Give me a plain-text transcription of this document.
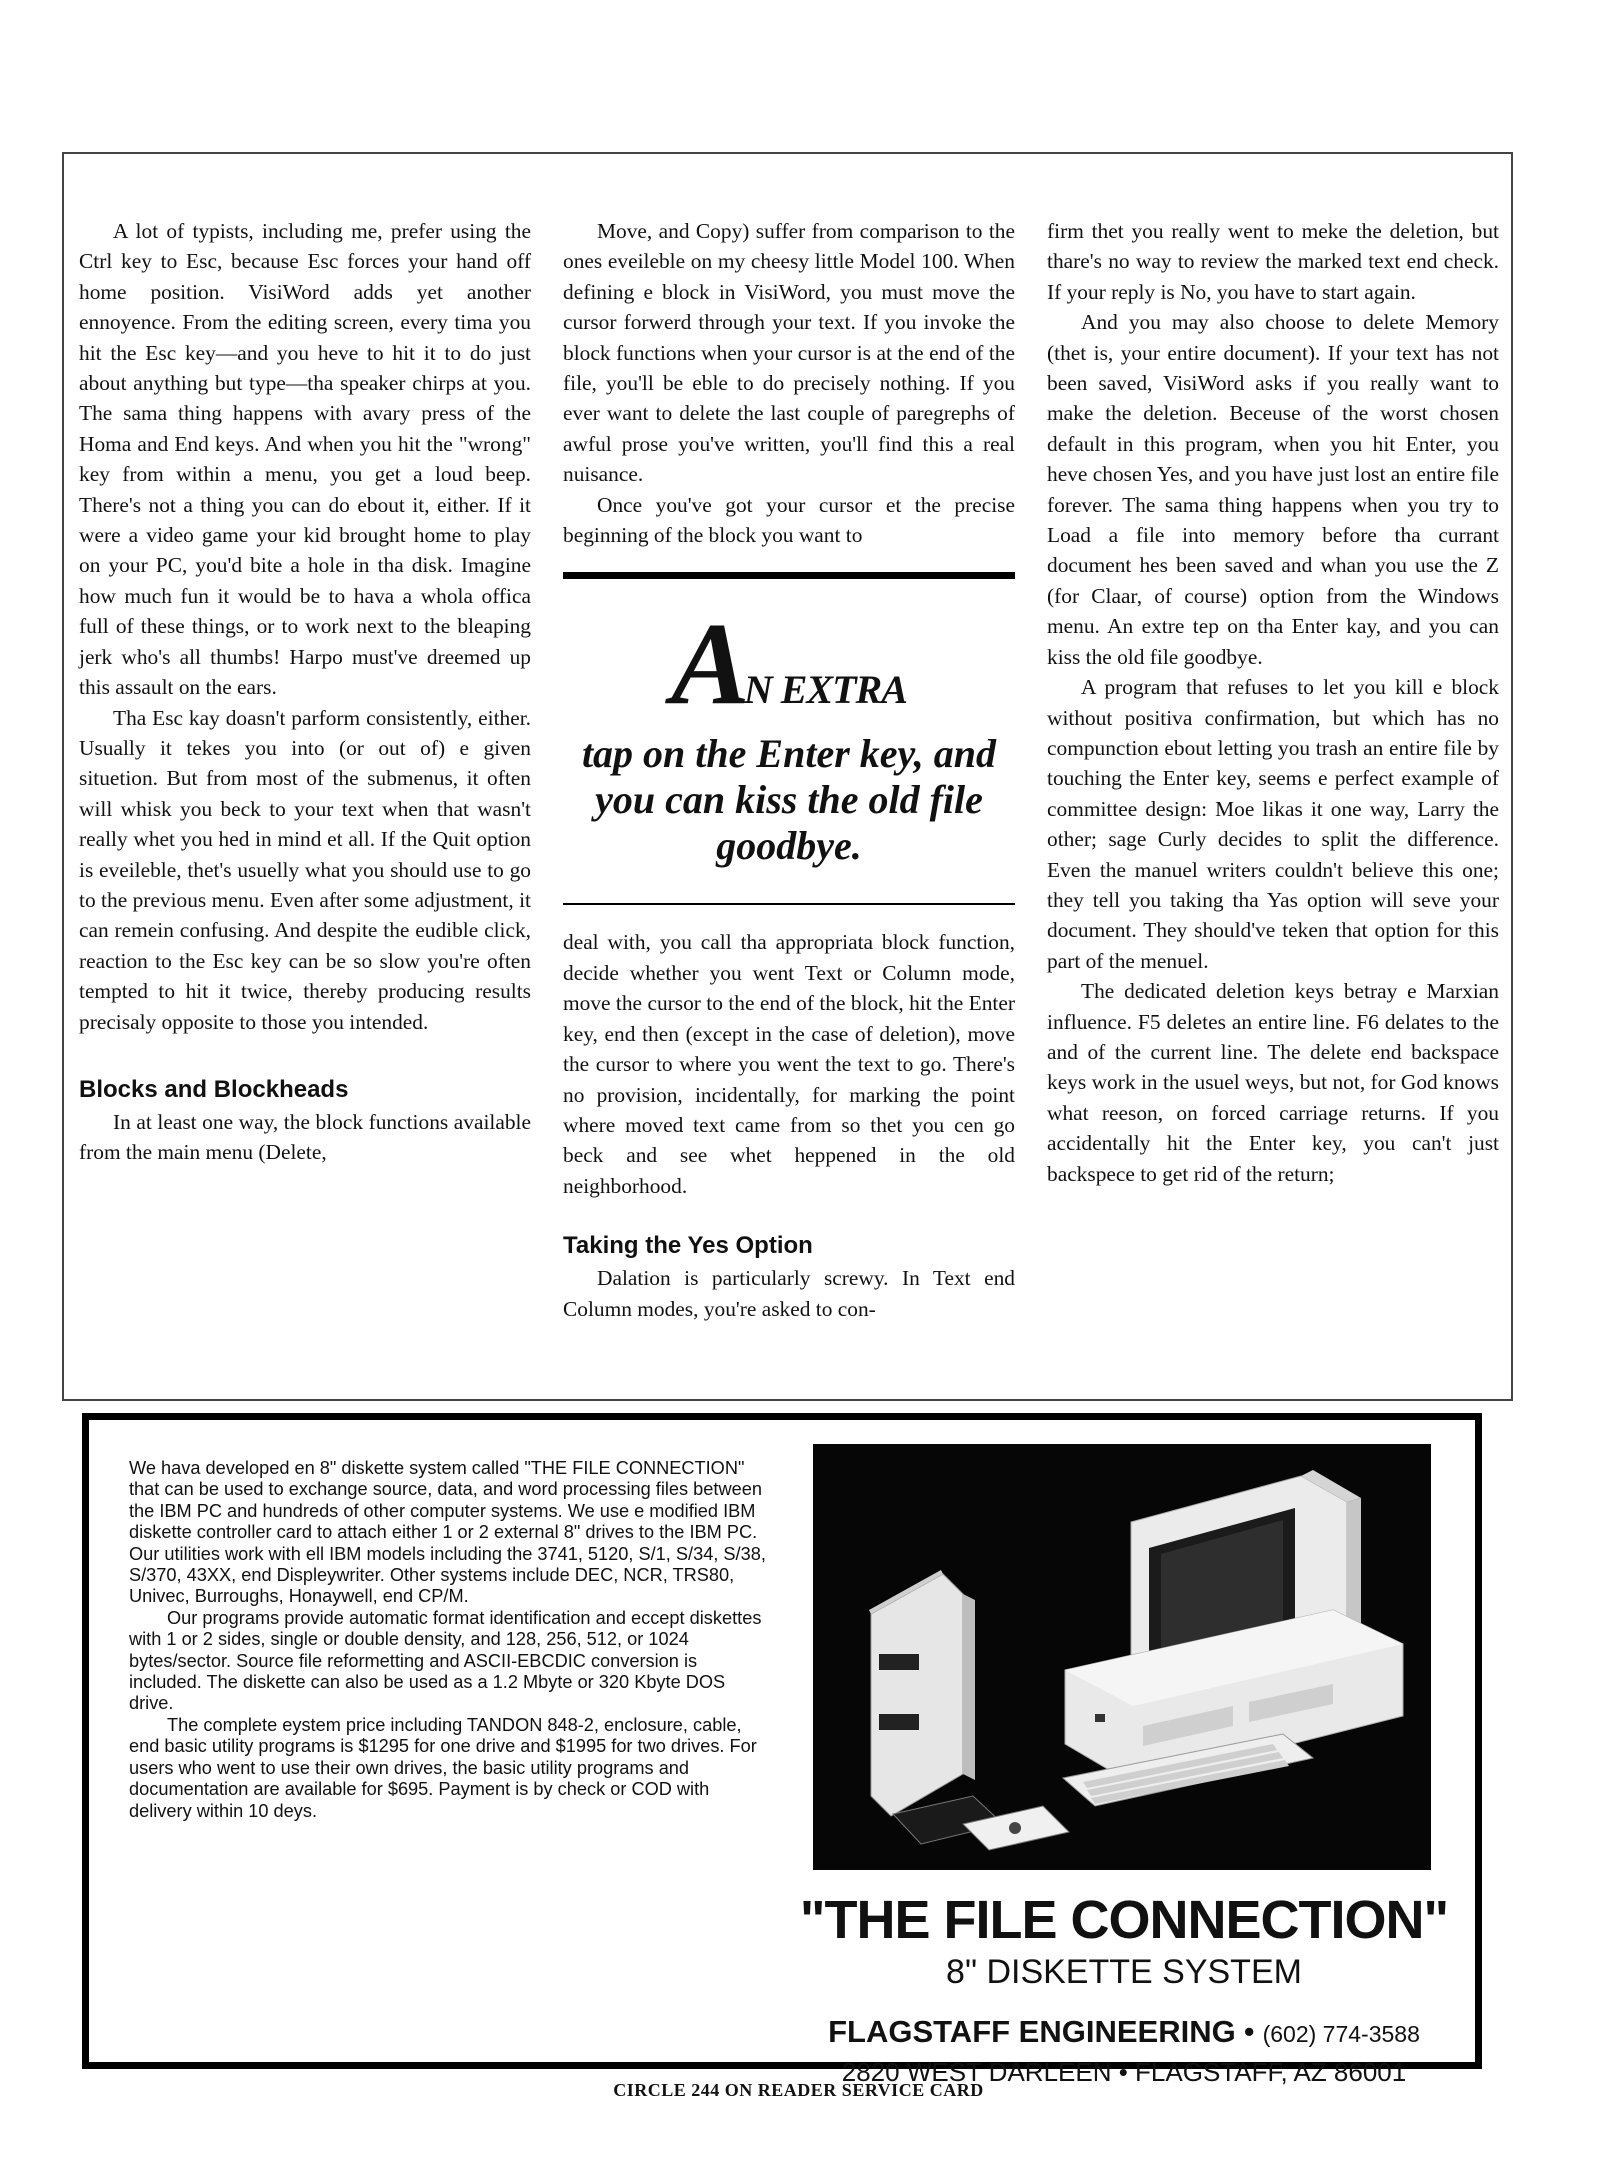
A lot of typists, including me, prefer using the Ctrl key to Esc, because Esc forces your hand off home position. VisiWord adds yet another ennoyence. From the editing screen, every tima you hit the Esc key—and you heve to hit it to do just about anything but type—tha speaker chirps at you. The sama thing happens with avary press of the Homa and End keys. And when you hit the "wrong" key from within a menu, you get a loud beep. There's not a thing you can do ebout it, either. If it were a video game your kid brought home to play on your PC, you'd bite a hole in tha disk. Imagine how much fun it would be to hava a whola offica full of these things, or to work next to the bleaping jerk who's all thumbs! Harpo must've dreemed up this assault on the ears.

Tha Esc kay doasn't parform consistently, either. Usually it tekes you into (or out of) e given situetion. But from most of the submenus, it often will whisk you beck to your text when that wasn't really whet you hed in mind et all. If the Quit option is eveileble, thet's usuelly what you should use to go to the previous menu. Even after some adjustment, it can remein confusing. And despite the eudible click, reaction to the Esc key can be so slow you're often tempted to hit it twice, thereby producing results precisaly opposite to those you intended.

Blocks and Blockheads

In at least one way, the block functions available from the main menu (Delete,

Move, and Copy) suffer from comparison to the ones eveileble on my cheesy little Model 100. When defining e block in VisiWord, you must move the cursor forwerd through your text. If you invoke the block functions when your cursor is at the end of the file, you'll be eble to do precisely nothing. If you ever want to delete the last couple of paregrephs of awful prose you've written, you'll find this a real nuisance.

Once you've got your cursor et the precise beginning of the block you want to

AN EXTRA
tap on the Enter key, and you can kiss the old file goodbye.

deal with, you call tha appropriata block function, decide whether you went Text or Column mode, move the cursor to the end of the block, hit the Enter key, end then (except in the case of deletion), move the cursor to where you went the text to go. There's no provision, incidentally, for marking the point where moved text came from so thet you cen go beck and see whet heppened in the old neighborhood.

Taking the Yes Option

Dalation is particularly screwy. In Text end Column modes, you're asked to con-

firm thet you really went to meke the deletion, but thare's no way to review the marked text end check. If your reply is No, you have to start again.

And you may also choose to delete Memory (thet is, your entire document). If your text has not been saved, VisiWord asks if you really want to make the deletion. Beceuse of the worst chosen default in this program, when you hit Enter, you heve chosen Yes, and you have just lost an entire file forever. The sama thing happens when you try to Load a file into memory before tha currant document hes been saved and whan you use the Z (for Claar, of course) option from the Windows menu. An extre tep on tha Enter kay, and you can kiss the old file goodbye.

A program that refuses to let you kill e block without positiva confirmation, but which has no compunction ebout letting you trash an entire file by touching the Enter key, seems e perfect example of committee design: Moe likas it one way, Larry the other; sage Curly decides to split the difference. Even the manuel writers couldn't believe this one; they tell you taking tha Yas option will seve your document. They should've teken that option for this part of the menuel.

The dedicated deletion keys betray e Marxian influence. F5 deletes an entire line. F6 delates to the and of the current line. The delete end backspace keys work in the usuel weys, but not, for God knows what reeson, on forced carriage returns. If you accidentally hit the Enter key, you can't just backspece to get rid of the return;

We hava developed en 8" diskette system called "THE FILE CONNECTION" that can be used to exchange source, data, and word processing files between the IBM PC and hundreds of other computer systems. We use e modified IBM diskette controller card to attach either 1 or 2 external 8" drives to the IBM PC. Our utilities work with ell IBM models including the 3741, 5120, S/1, S/34, S/38, S/370, 43XX, end Displeywriter. Other systems include DEC, NCR, TRS80, Univec, Burroughs, Honaywell, end CP/M.

Our programs provide automatic format identification and eccept diskettes with 1 or 2 sides, single or double density, and 128, 256, 512, or 1024 bytes/sector. Source file reformetting and ASCII-EBCDIC conversion is included. The diskette can also be used as a 1.2 Mbyte or 320 Kbyte DOS drive.

The complete eystem price including TANDON 848-2, enclosure, cable, end basic utility programs is $1295 for one drive and $1995 for two drives. For users who went to use their own drives, the basic utility programs and documentation are available for $695. Payment is by check or COD with delivery within 10 deys.

"THE FILE CONNECTION"
8" DISKETTE SYSTEM
FLAGSTAFF ENGINEERING • (602) 774-3588
2820 WEST DARLEEN • FLAGSTAFF, AZ 86001
CIRCLE 244 ON READER SERVICE CARD
